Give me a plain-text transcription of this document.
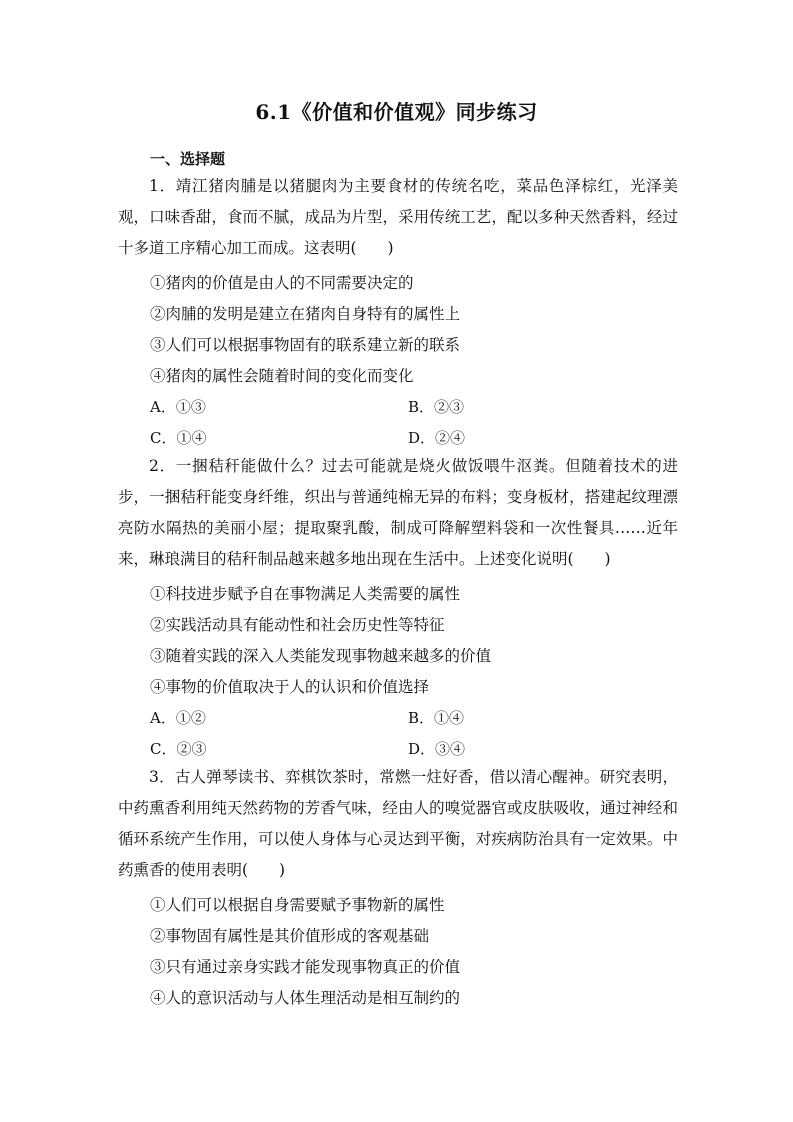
6.1《价值和价值观》同步练习
一、选择题

1．靖江猪肉脯是以猪腿肉为主要食材的传统名吃，菜品色泽棕红，光泽美观，口味香甜，食而不腻，成品为片型，采用传统工艺，配以多种天然香料，经过十多道工序精心加工而成。这表明(　　)

①猪肉的价值是由人的不同需要决定的
②肉脯的发明是建立在猪肉自身特有的属性上
③人们可以根据事物固有的联系建立新的联系
④猪肉的属性会随着时间的变化而变化
A．①③	B．②③
C．①④	D．②④

2．一捆秸秆能做什么？过去可能就是烧火做饭喂牛沤粪。但随着技术的进步，一捆秸秆能变身纤维，织出与普通纯棉无异的布料；变身板材，搭建起纹理漂亮防水隔热的美丽小屋；提取聚乳酸，制成可降解塑料袋和一次性餐具……近年来，琳琅满目的秸秆制品越来越多地出现在生活中。上述变化说明(　　)

①科技进步赋予自在事物满足人类需要的属性
②实践活动具有能动性和社会历史性等特征
③随着实践的深入人类能发现事物越来越多的价值
④事物的价值取决于人的认识和价值选择
A．①②	B．①④
C．②③	D．③④

3．古人弹琴读书、弈棋饮茶时，常燃一炷好香，借以清心醒神。研究表明，中药熏香利用纯天然药物的芳香气味，经由人的嗅觉器官或皮肤吸收，通过神经和循环系统产生作用，可以使人身体与心灵达到平衡，对疾病防治具有一定效果。中药熏香的使用表明(　　)

①人们可以根据自身需要赋予事物新的属性
②事物固有属性是其价值形成的客观基础
③只有通过亲身实践才能发现事物真正的价值
④人的意识活动与人体生理活动是相互制约的
